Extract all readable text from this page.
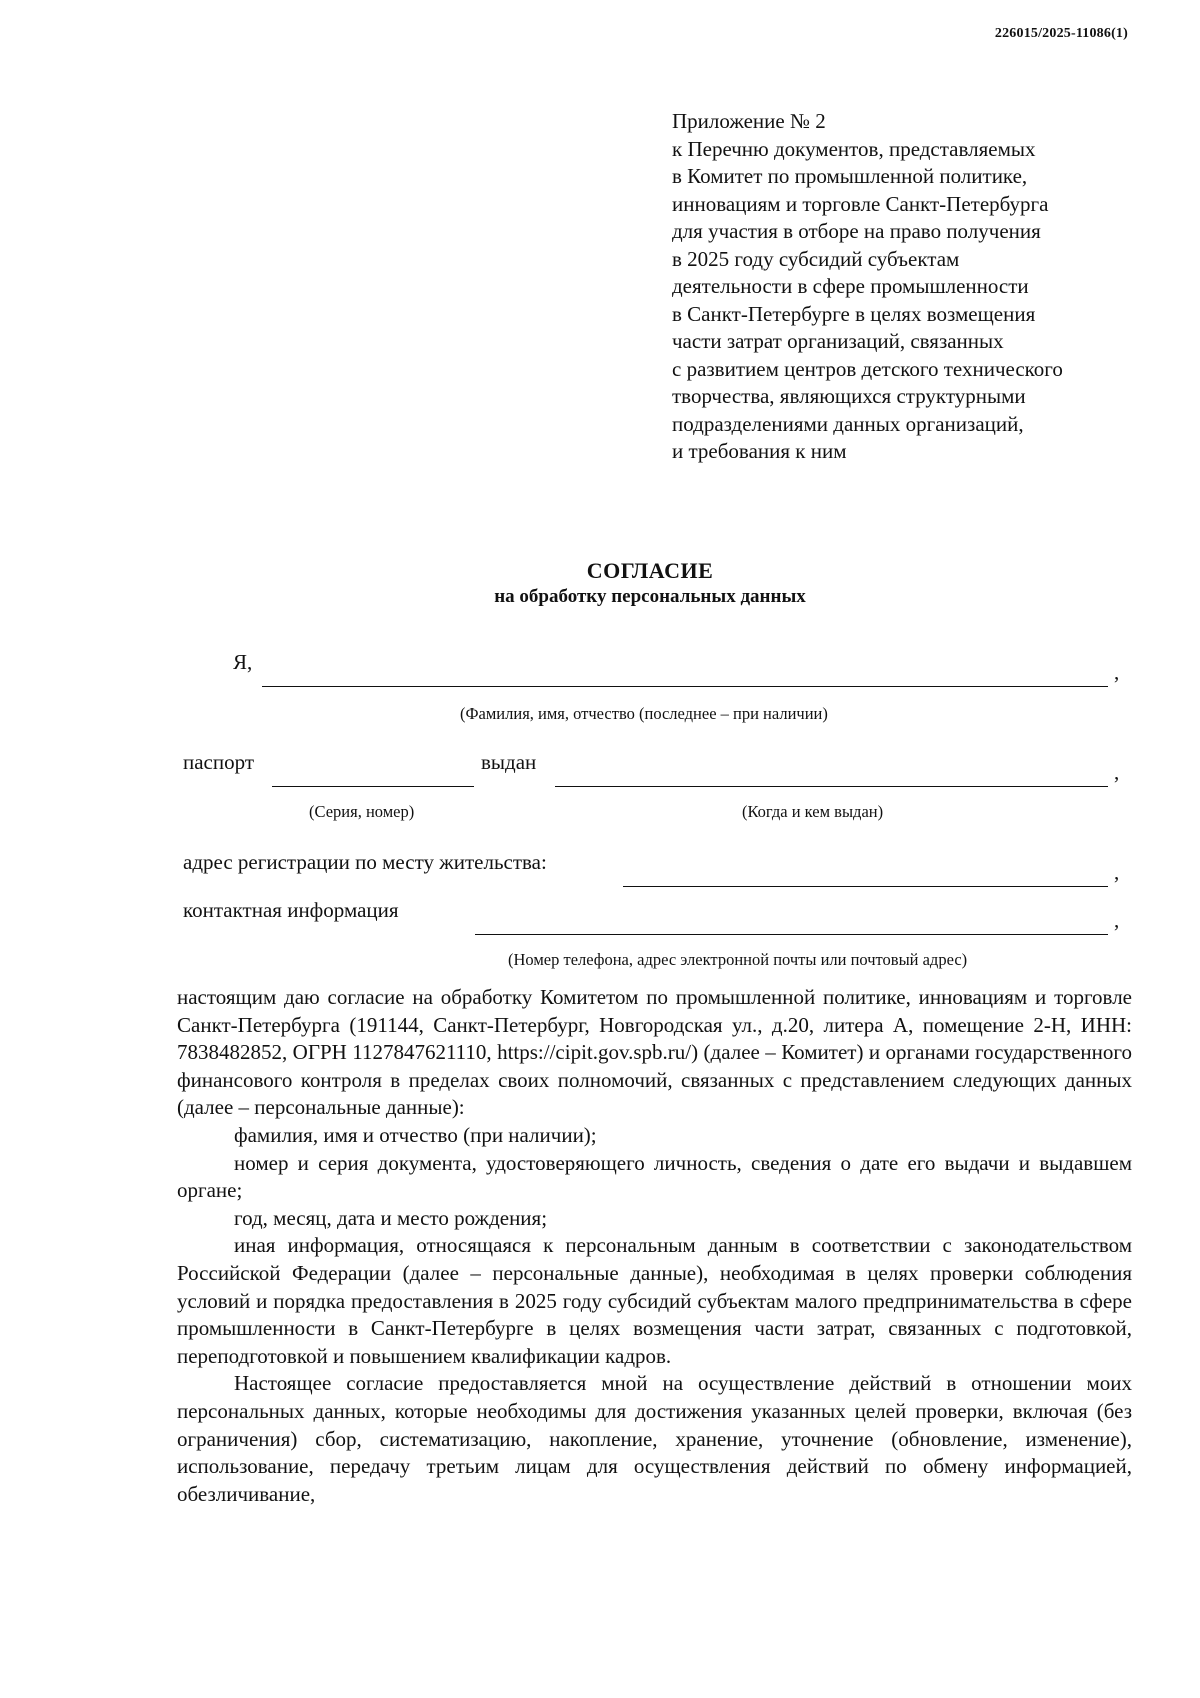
226015/2025-11086(1)
Приложение № 2
к Перечню документов, представляемых
в Комитет по промышленной политике,
инновациям и торговле Санкт-Петербурга
для участия в отборе на право получения
в 2025 году субсидий субъектам
деятельности в сфере промышленности
в Санкт-Петербурге в целях возмещения
части затрат организаций, связанных
с развитием центров детского технического
творчества, являющихся структурными
подразделениями данных организаций,
и требования к ним
СОГЛАСИЕ
на обработку персональных данных
Я,	,
(Фамилия, имя, отчество (последнее – при наличии)
паспорт	выдан	,
(Серия, номер)	(Когда и кем выдан)
адрес регистрации по месту жительства:	,
контактная информация	,
(Номер телефона, адрес электронной почты или почтовый адрес)

настоящим даю согласие на обработку Комитетом по промышленной политике, инновациям и торговле Санкт-Петербурга (191144, Санкт-Петербург, Новгородская ул., д.20, литера А, помещение 2-Н, ИНН: 7838482852, ОГРН 1127847621110, https://cipit.gov.spb.ru/) (далее – Комитет) и органами государственного финансового контроля в пределах своих полномочий, связанных с представлением следующих данных (далее – персональные данные):

фамилия, имя и отчество (при наличии);

номер и серия документа, удостоверяющего личность, сведения о дате его выдачи и выдавшем органе;

год, месяц, дата и место рождения;

иная информация, относящаяся к персональным данным в соответствии с законодательством Российской Федерации (далее – персональные данные), необходимая в целях проверки соблюдения условий и порядка предоставления в 2025 году субсидий субъектам малого предпринимательства в сфере промышленности в Санкт-Петербурге в целях возмещения части затрат, связанных с подготовкой, переподготовкой и повышением квалификации кадров.

Настоящее согласие предоставляется мной на осуществление действий в отношении моих персональных данных, которые необходимы для достижения указанных целей проверки, включая (без ограничения) сбор, систематизацию, накопление, хранение, уточнение (обновление, изменение), использование, передачу третьим лицам для осуществления действий по обмену информацией, обезличивание,
